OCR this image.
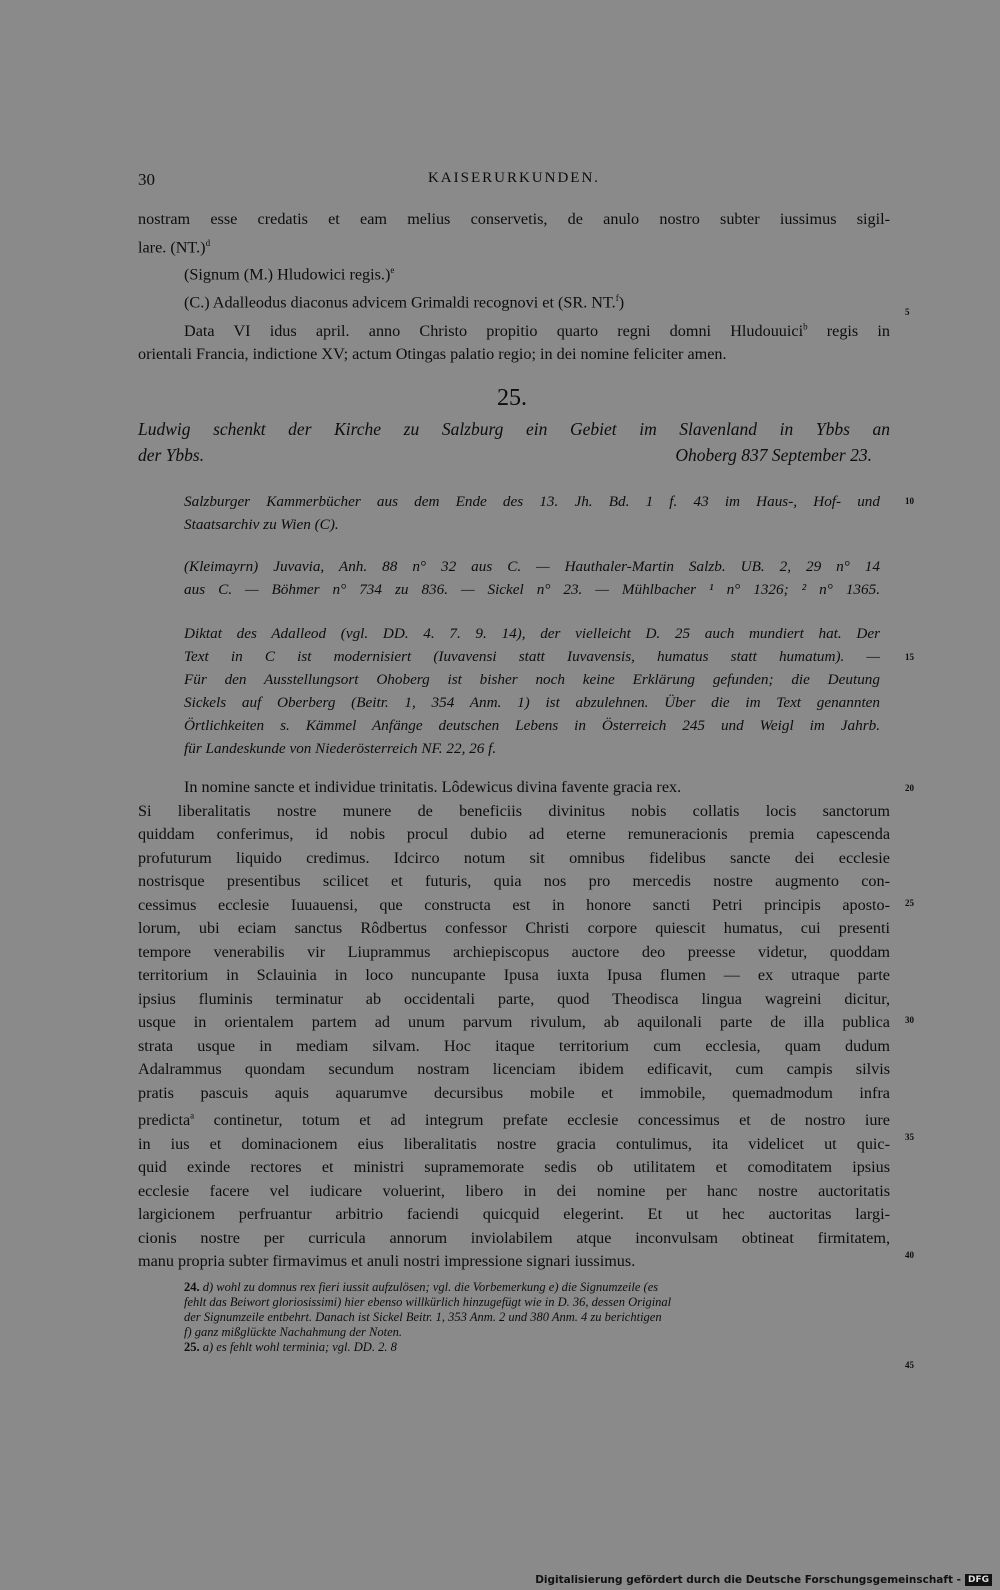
30	KAISERURKUNDEN.
nostram esse credatis et eam melius conservetis, de anulo nostro subter iussimus sigil-
lare. $(NT.)^d$
(Signum (M.) Hludowici regis.)$^e$
(C.) Adalleodus diaconus advicem Grimaldi recognovi et (SR. NT.$^f$)
Data VI idus april. anno Christo propitio quarto regni domni Hludouuici$^b$ regis in
orientali Francia, indictione XV; actum Otingas palatio regio; in dei nomine feliciter amen.
25.
Ludwig schenkt der Kirche zu Salzburg ein Gebiet im Slavenland in Ybbs an
der Ybbs.	Ohoberg 837 September 23.
Salzburger Kammerbücher aus dem Ende des 13. Jh. Bd. 1 f. 43 im Haus-, Hof- und
Staatsarchiv zu Wien (C).
(Kleimayrn) Juvavia, Anh. 88 n° 32 aus C. — Hauthaler-Martin Salzb. UB. 2, 29 n° 14
aus C. — Böhmer n° 734 zu 836. — Sickel n° 23. — Mühlbacher ¹ n° 1326; ² n° 1365.
Diktat des Adalleod (vgl. DD. 4. 7. 9. 14), der vielleicht D. 25 auch mundiert hat. Der
Text in C ist modernisiert (Iuvavensi statt Iuvavensis, humatus statt humatum). —
Für den Ausstellungsort Ohoberg ist bisher noch keine Erklärung gefunden; die Deutung
Sickels auf Oberberg (Beitr. 1, 354 Anm. 1) ist abzulehnen. Über die im Text genannten
Örtlichkeiten s. Kämmel Anfänge deutschen Lebens in Österreich 245 und Weigl im Jahrb.
für Landeskunde von Niederösterreich NF. 22, 26 f.
In nomine sancte et individue trinitatis. Lôdewicus divina favente gracia rex.
Si liberalitatis nostre munere de beneficiis divinitus nobis collatis locis sanctorum
quiddam conferimus, id nobis procul dubio ad eterne remuneracionis premia capescenda
profuturum liquido credimus. Idcirco notum sit omnibus fidelibus sancte dei ecclesie
nostrisque presentibus scilicet et futuris, quia nos pro mercedis nostre augmento con-
cessimus ecclesie Iuuauensi, que constructa est in honore sancti Petri principis aposto-
lorum, ubi eciam sanctus Rôdbertus confessor Christi corpore quiescit humatus, cui presenti
tempore venerabilis vir Liuprammus archiepiscopus auctore deo preesse videtur, quoddam
territorium in Sclauinia in loco nuncupante Ipusa iuxta Ipusa flumen — ex utraque parte
ipsius fluminis terminatur ab occidentali parte, quod Theodisca lingua wagreini dicitur,
usque in orientalem partem ad unum parvum rivulum, ab aquilonali parte de illa publica
strata usque in mediam silvam. Hoc itaque territorium cum ecclesia, quam dudum
Adalrammus quondam secundum nostram licenciam ibidem edificavit, cum campis silvis
pratis pascuis aquis aquarumve decursibus mobile et immobile, quemadmodum infra
predicta$^a$ continetur, totum et ad integrum prefate ecclesie concessimus et de nostro iure
in ius et dominacionem eius liberalitatis nostre gracia contulimus, ita videlicet ut quic-
quid exinde rectores et ministri supramemorate sedis ob utilitatem et comoditatem ipsius
ecclesie facere vel iudicare voluerint, libero in dei nomine per hanc nostre auctoritatis
largicionem perfruantur arbitrio faciendi quicquid elegerint. Et ut hec auctoritas largi-
cionis nostre per curricula annorum inviolabilem atque inconvulsam obtineat firmitatem,
manu propria subter firmavimus et anuli nostri impressione signari iussimus.
24. d) wohl zu domnus rex fieri iussit aufzulösen; vgl. die Vorbemerkung e) die Signumzeile (es
fehlt das Beiwort gloriosissimi) hier ebenso willkürlich hinzugefügt wie in D. 36, dessen Original
der Signumzeile entbehrt. Danach ist Sickel Beitr. 1, 353 Anm. 2 und 380 Anm. 4 zu berichtigen
f) ganz mißglückte Nachahmung der Noten.
25. a) es fehlt wohl terminia; vgl. DD. 2. 8
5
10
15
20
25
30
35
40
45
Digitalisierung gefördert durch die Deutsche Forschungsgemeinschaft - DFG
